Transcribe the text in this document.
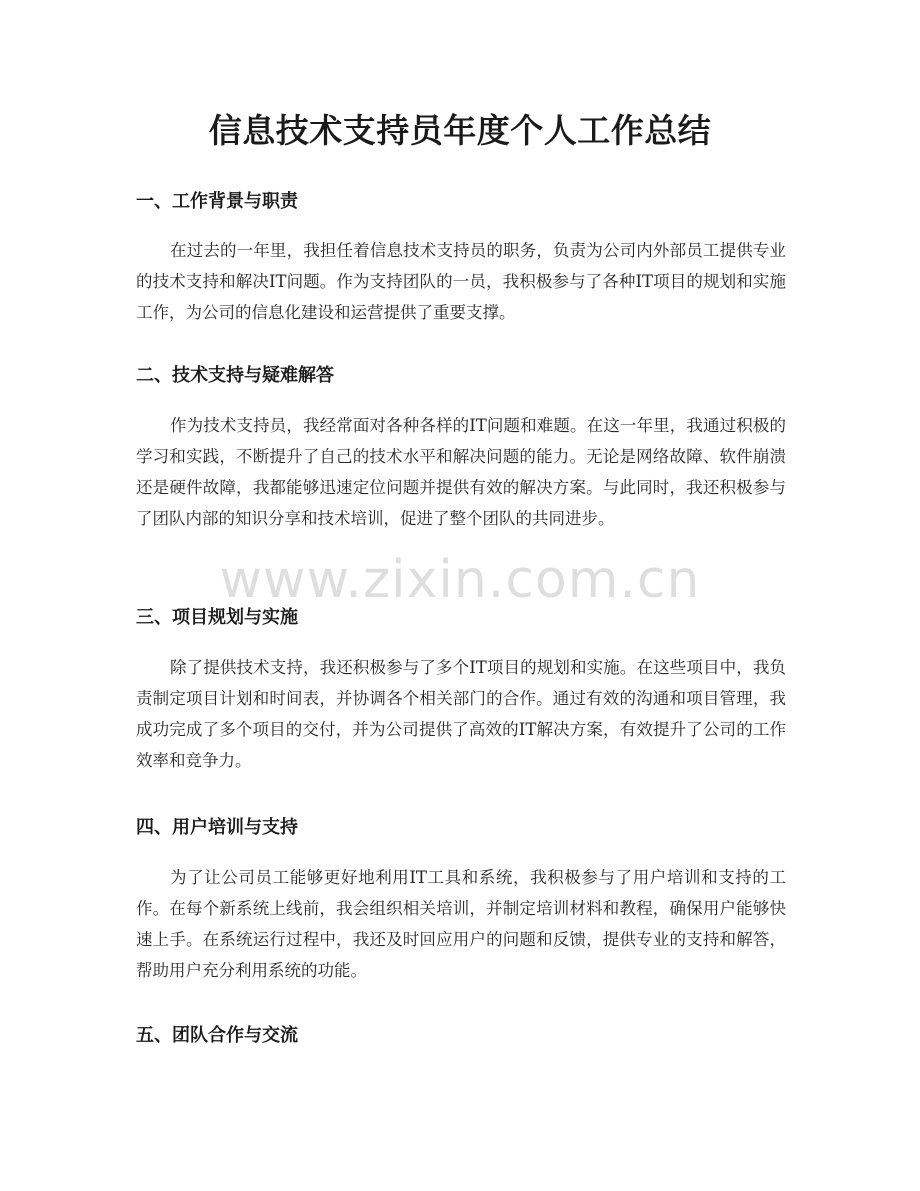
信息技术支持员年度个人工作总结
一、工作背景与职责

在过去的一年里，我担任着信息技术支持员的职务，负责为公司内外部员工提供专业的技术支持和解决IT问题。作为支持团队的一员，我积极参与了各种IT项目的规划和实施工作，为公司的信息化建设和运营提供了重要支撑。

二、技术支持与疑难解答

作为技术支持员，我经常面对各种各样的IT问题和难题。在这一年里，我通过积极的学习和实践，不断提升了自己的技术水平和解决问题的能力。无论是网络故障、软件崩溃还是硬件故障，我都能够迅速定位问题并提供有效的解决方案。与此同时，我还积极参与了团队内部的知识分享和技术培训，促进了整个团队的共同进步。

www.zixin.com.cn
三、项目规划与实施

除了提供技术支持，我还积极参与了多个IT项目的规划和实施。在这些项目中，我负责制定项目计划和时间表，并协调各个相关部门的合作。通过有效的沟通和项目管理，我成功完成了多个项目的交付，并为公司提供了高效的IT解决方案，有效提升了公司的工作效率和竞争力。

四、用户培训与支持

为了让公司员工能够更好地利用IT工具和系统，我积极参与了用户培训和支持的工作。在每个新系统上线前，我会组织相关培训，并制定培训材料和教程，确保用户能够快速上手。在系统运行过程中，我还及时回应用户的问题和反馈，提供专业的支持和解答，帮助用户充分利用系统的功能。

五、团队合作与交流
